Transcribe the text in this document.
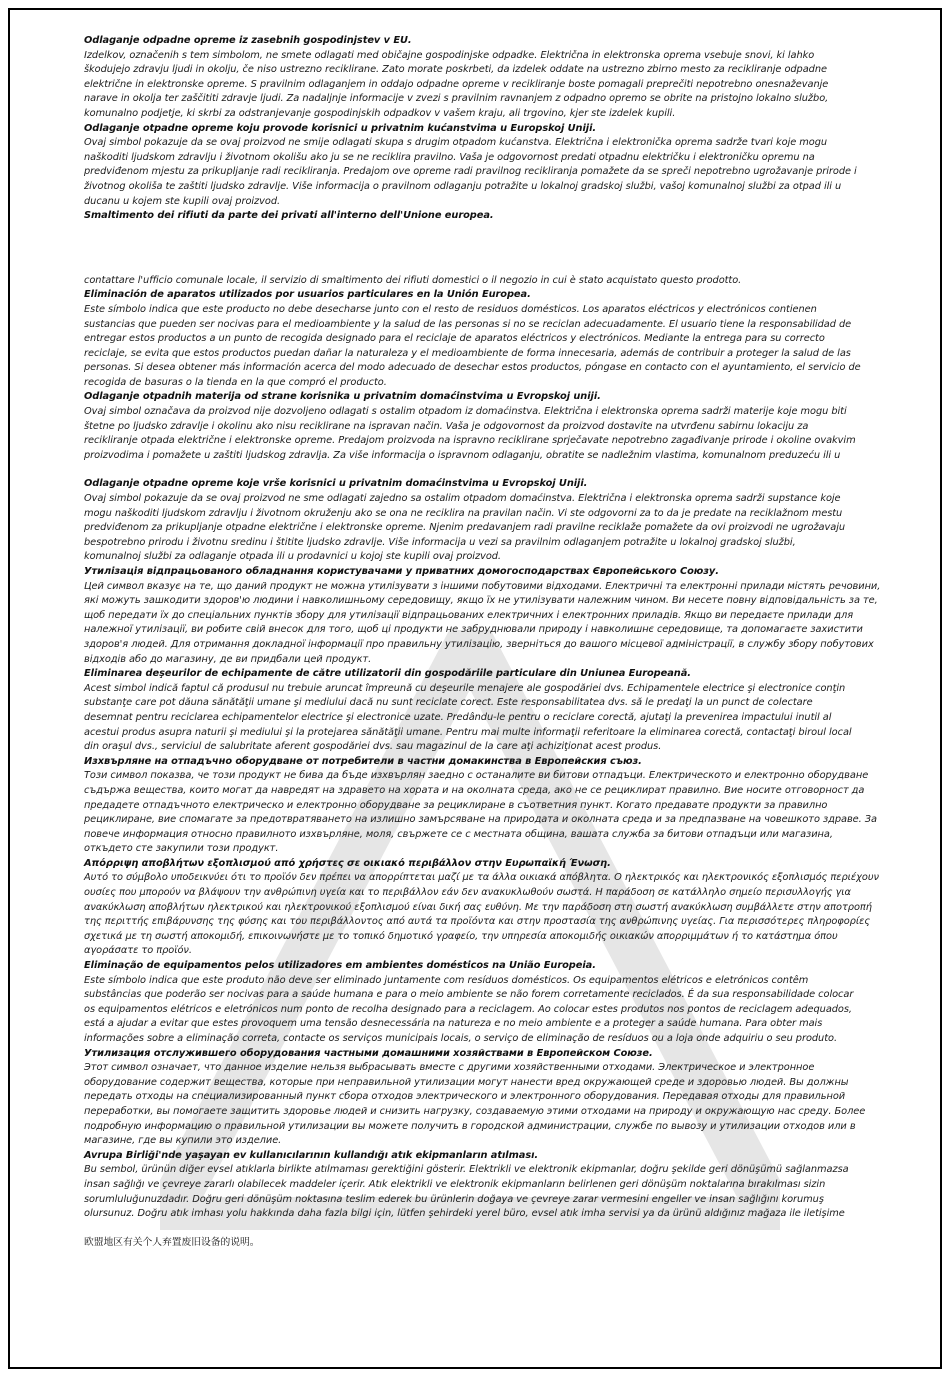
Odlaganje odpadne opreme iz zasebnih gospodinjstev v EU.

Izdelkov, označenih s tem simbolom, ne smete odlagati med običajne gospodinjske odpadke. Električna in elektronska oprema vsebuje snovi, ki lahko
škodujejo zdravju ljudi in okolju, če niso ustrezno reciklirane. Zato morate poskrbeti, da izdelek oddate na ustrezno zbirno mesto za recikliranje odpadne
električne in elektronske opreme. S pravilnim odlaganjem in oddajo odpadne opreme v recikliranje boste pomagali preprečiti nepotrebno onesnaževanje
narave in okolja ter zaščititi zdravje ljudi. Za nadaljnje informacije v zvezi s pravilnim ravnanjem z odpadno opremo se obrite na pristojno lokalno službo,
komunalno podjetje, ki skrbi za odstranjevanje gospodinjskih odpadkov v vašem kraju, ali trgovino, kjer ste izdelek kupili.

Odlaganje otpadne opreme koju provode korisnici u privatnim kućanstvima u Europskoj Uniji.

Ovaj simbol pokazuje da se ovaj proizvod ne smije odlagati skupa s drugim otpadom kućanstva. Električna i elektronička oprema sadrže tvari koje mogu
naškoditi ljudskom zdravlju i životnom okolišu ako ju se ne reciklira pravilno. Vaša je odgovornost predati otpadnu električku i elektroničku opremu na
predviđenom mjestu za prikupljanje radi recikliranja. Predajom ove opreme radi pravilnog recikliranja pomažete da se spreči nepotrebno ugrožavanje prirode i
životnog okoliša te zaštiti ljudsko zdravlje. Više informacija o pravilnom odlaganju potražite u lokalnoj gradskoj službi, vašoj komunalnoj službi za otpad ili u
ducanu u kojem ste kupili ovaj proizvod.

Smaltimento dei rifiuti da parte dei privati all'interno dell'Unione europea.

contattare l'ufficio comunale locale, il servizio di smaltimento dei rifiuti domestici o il negozio in cui è stato acquistato questo prodotto.

Eliminación de aparatos utilizados por usuarios particulares en la Unión Europea.

Este símbolo indica que este producto no debe desecharse junto con el resto de residuos domésticos. Los aparatos eléctricos y electrónicos contienen
sustancias que pueden ser nocivas para el medioambiente y la salud de las personas si no se reciclan adecuadamente. El usuario tiene la responsabilidad de
entregar estos productos a un punto de recogida designado para el reciclaje de aparatos eléctricos y electrónicos. Mediante la entrega para su correcto
reciclaje, se evita que estos productos puedan dañar la naturaleza y el medioambiente de forma innecesaria, además de contribuir a proteger la salud de las
personas. Si desea obtener más información acerca del modo adecuado de desechar estos productos, póngase en contacto con el ayuntamiento, el servicio de
recogida de basuras o la tienda en la que compró el producto.

Odlaganje otpadnih materija od strane korisnika u privatnim domaćinstvima u Evropskoj uniji.

Ovaj simbol označava da proizvod nije dozvoljeno odlagati s ostalim otpadom iz domaćinstva. Električna i elektronska oprema sadrži materije koje mogu biti
štetne po ljudsko zdravlje i okolinu ako nisu reciklirane na ispravan način. Vaša je odgovornost da proizvod dostavite na utvrđenu sabirnu lokaciju za
recikliranje otpada električne i elektronske opreme. Predajom proizvoda na ispravno reciklirane sprječavate nepotrebno zagađivanje prirode i okoline ovakvim
proizvodima i pomažete u zaštiti ljudskog zdravlja. Za više informacija o ispravnom odlaganju, obratite se nadležnim vlastima, komunalnom preduzeću ili u

Odlaganje otpadne opreme koje vrše korisnici u privatnim domaćinstvima u Evropskoj Uniji.

Ovaj simbol pokazuje da se ovaj proizvod ne sme odlagati zajedno sa ostalim otpadom domaćinstva. Električna i elektronska oprema sadrži supstance koje
mogu naškoditi ljudskom zdravlju i životnom okruženju ako se ona ne reciklira na pravilan način. Vi ste odgovorni za to da je predate na reciklažnom mestu
predviđenom za prikupljanje otpadne električne i elektronske opreme. Njenim predavanjem radi pravilne reciklaže pomažete da ovi proizvodi ne ugrožavaju
bespotrebno prirodu i životnu sredinu i štitite ljudsko zdravlje. Više informacija u vezi sa pravilnim odlaganjem potražite u lokalnoj gradskoj službi,
komunalnoj službi za odlaganje otpada ili u prodavnici u kojoj ste kupili ovaj proizvod.

Утилізація відпрацьованого обладнання користувачами у приватних домогосподарствах Європейського Союзу.

Цей символ вказує на те, що даний продукт не можна утилізувати з іншими побутовими відходами. Електричні та електронні прилади містять речовини,
які можуть зашкодити здоров'ю людини і навколишньому середовищу, якщо їх не утилізувати належним чином. Ви несете повну відповідальність за те,
щоб передати їх до спеціальних пунктів збору для утилізації відпрацьованих електричних і електронних приладів. Якщо ви передаєте прилади для
належної утилізації, ви робите свій внесок для того, щоб ці продукти не забруднювали природу і навколишнє середовище, та допомагаєте захистити
здоров'я людей. Для отримання докладної інформації про правильну утилізацію, зверніться до вашого місцевої адміністрації, в службу збору побутових
відходів або до магазину, де ви придбали цей продукт.

Eliminarea deşeurilor de echipamente de către utilizatorii din gospodăriile particulare din Uniunea Europeană.

Acest simbol indică faptul că produsul nu trebuie aruncat împreună cu deşeurile menajere ale gospodăriei dvs. Echipamentele electrice şi electronice conţin
substanţe care pot dăuna sănătăţii umane şi mediului dacă nu sunt reciclate corect. Este responsabilitatea dvs. să le predaţi la un punct de colectare
desemnat pentru reciclarea echipamentelor electrice şi electronice uzate. Predându-le pentru o reciclare corectă, ajutaţi la prevenirea impactului inutil al
acestui produs asupra naturii şi mediului şi la protejarea sănătăţii umane. Pentru mai multe informaţii referitoare la eliminarea corectă, contactaţi biroul local
din oraşul dvs., serviciul de salubritate aferent gospodăriei dvs. sau magazinul de la care aţi achiziţionat acest produs.

Изхвърляне на отпадъчно оборудване от потребители в частни домакинства в Европейския съюз.

Този символ показва, че този продукт не бива да бъде изхвърлян заедно с останалите ви битови отпадъци. Електрическото и електронно оборудване
съдържа вещества, които могат да навредят на здравето на хората и на околната среда, ако не се рециклират правилно. Вие носите отговорност да
предадете отпадъчното електрическо и електронно оборудване за рециклиране в съответния пункт. Когато предавате продукти за правилно
рециклиране, вие спомагате за предотвратяването на излишно замърсяване на природата и околната среда и за предпазване на човешкото здраве. За
повече информация относно правилното изхвърляне, моля, свържете се с местната община, вашата служба за битови отпадъци или магазина,
откъдето сте закупили този продукт.

Απόρριψη αποβλήτων εξοπλισμού από χρήστες σε οικιακό περιβάλλον στην Ευρωπαϊκή Ένωση.

Αυτό το σύμβολο υποδεικνύει ότι το προϊόν δεν πρέπει να απορρίπτεται μαζί με τα άλλα οικιακά απόβλητα. Ο ηλεκτρικός και ηλεκτρονικός εξοπλισμός περιέχουν
ουσίες που μπορούν να βλάψουν την ανθρώπινη υγεία και το περιβάλλον εάν δεν ανακυκλωθούν σωστά. Η παράδοση σε κατάλληλο σημείο περισυλλογής για
ανακύκλωση αποβλήτων ηλεκτρικού και ηλεκτρονικού εξοπλισμού είναι δική σας ευθύνη. Με την παράδοση στη σωστή ανακύκλωση συμβάλλετε στην αποτροπή
της περιττής επιβάρυνσης της φύσης και του περιβάλλοντος από αυτά τα προϊόντα και στην προστασία της ανθρώπινης υγείας. Για περισσότερες πληροφορίες
σχετικά με τη σωστή αποκομιδή, επικοινωνήστε με το τοπικό δημοτικό γραφείο, την υπηρεσία αποκομιδής οικιακών απορριμμάτων ή το κατάστημα όπου
αγοράσατε το προϊόν.

Eliminação de equipamentos pelos utilizadores em ambientes domésticos na União Europeia.

Este símbolo indica que este produto não deve ser eliminado juntamente com resíduos domésticos. Os equipamentos elétricos e eletrónicos contêm
substâncias que poderão ser nocivas para a saúde humana e para o meio ambiente se não forem corretamente reciclados. É da sua responsabilidade colocar
os equipamentos elétricos e eletrónicos num ponto de recolha designado para a reciclagem. Ao colocar estes produtos nos pontos de reciclagem adequados,
está a ajudar a evitar que estes provoquem uma tensão desnecessária na natureza e no meio ambiente e a proteger a saúde humana. Para obter mais
informações sobre a eliminação correta, contacte os serviços municipais locais, o serviço de eliminação de resíduos ou a loja onde adquiriu o seu produto.

Утилизация отслужившего оборудования частными домашними хозяйствами в Европейском Союзе.

Этот символ означает, что данное изделие нельзя выбрасывать вместе с другими хозяйственными отходами. Электрическое и электронное
оборудование содержит вещества, которые при неправильной утилизации могут нанести вред окружающей среде и здоровью людей. Вы должны
передать отходы на специализированный пункт сбора отходов электрического и электронного оборудования. Передавая отходы для правильной
переработки, вы помогаете защитить здоровье людей и снизить нагрузку, создаваемую этими отходами на природу и окружающую нас среду. Более
подробную информацию о правильной утилизации вы можете получить в городской администрации, службе по вывозу и утилизации отходов или в
магазине, где вы купили это изделие.

Avrupa Birliği'nde yaşayan ev kullanıcılarının kullandığı atık ekipmanların atılması.

Bu sembol, ürünün diğer evsel atıklarla birlikte atılmaması gerektiğini gösterir. Elektrikli ve elektronik ekipmanlar, doğru şekilde geri dönüşümü sağlanmazsa
insan sağlığı ve çevreye zararlı olabilecek maddeler içerir. Atık elektrikli ve elektronik ekipmanların belirlenen geri dönüşüm noktalarına bırakılması sizin
sorumluluğunuzdadır. Doğru geri dönüşüm noktasına teslim ederek bu ürünlerin doğaya ve çevreye zarar vermesini engeller ve insan sağlığını korumuş
olursunuz. Doğru atık imhası yolu hakkında daha fazla bilgi için, lütfen şehirdeki yerel büro, evsel atık imha servisi ya da ürünü aldığınız mağaza ile iletişime

欧盟地区有关个人弃置废旧设备的说明。
